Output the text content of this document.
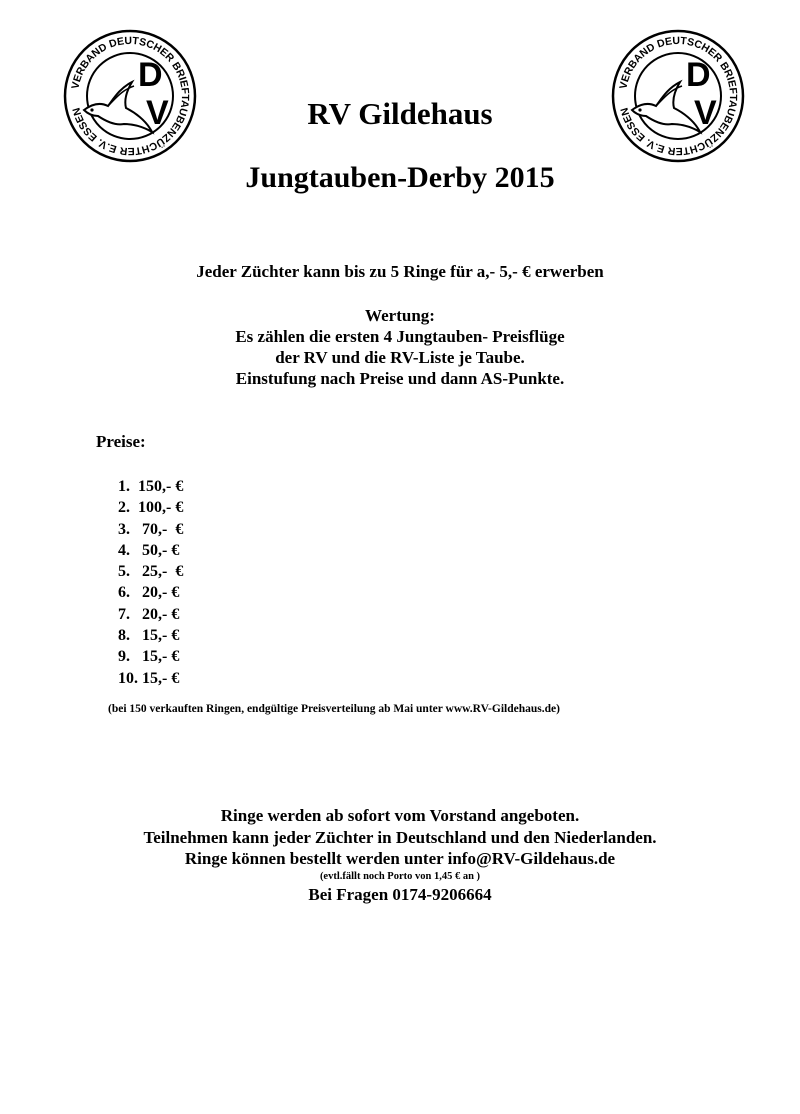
VERBAND DEUTSCHER BRIEFTAUBENZÜCHTER E.V. ESSEN
D
V
VERBAND DEUTSCHER BRIEFTAUBENZÜCHTER E.V. ESSEN
D
V
RV Gildehaus
Jungtauben-Derby 2015
Jeder Züchter kann bis zu 5 Ringe für a,- 5,- € erwerben
Wertung:
Es zählen die ersten 4 Jungtauben- Preisflüge
der RV und die RV-Liste je Taube.
Einstufung nach Preise und dann AS-Punkte.
Preise:
1.  150,- €
2.  100,- €
3.   70,-  €
4.   50,- €
5.   25,-  €
6.   20,- €
7.   20,- €
8.   15,- €
9.   15,- €
10. 15,- €
(bei 150 verkauften Ringen, endgültige Preisverteilung ab Mai unter www.RV-Gildehaus.de)
Ringe werden ab sofort vom Vorstand angeboten.
Teilnehmen kann jeder Züchter in Deutschland und den Niederlanden.
Ringe können bestellt werden unter info@RV-Gildehaus.de
(evtl.fällt noch Porto von 1,45 € an )
Bei Fragen 0174-9206664
